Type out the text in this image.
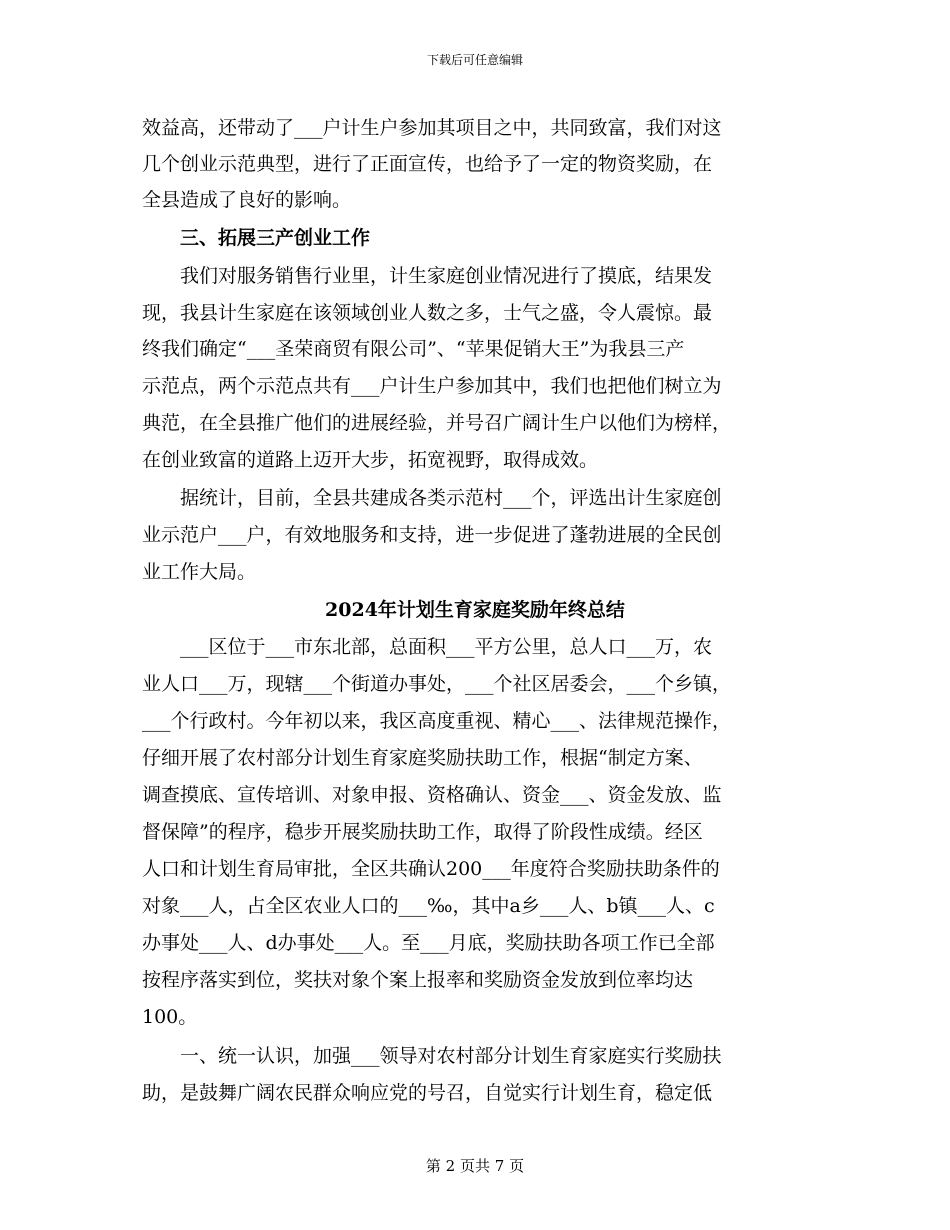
下载后可任意编辑
效益高，还带动了___户计生户参加其项目之中，共同致富，我们对这
几个创业示范典型，进行了正面宣传，也给予了一定的物资奖励，在
全县造成了良好的影响。
三、拓展三产创业工作
我们对服务销售行业里，计生家庭创业情况进行了摸底，结果发
现，我县计生家庭在该领域创业人数之多，士气之盛，令人震惊。最
终我们确定“___圣荣商贸有限公司”、“苹果促销大王”为我县三产
示范点，两个示范点共有___户计生户参加其中，我们也把他们树立为
典范，在全县推广他们的进展经验，并号召广阔计生户以他们为榜样，
在创业致富的道路上迈开大步，拓宽视野，取得成效。
据统计，目前，全县共建成各类示范村___个，评选出计生家庭创
业示范户___户，有效地服务和支持，进一步促进了蓬勃进展的全民创
业工作大局。
2024年计划生育家庭奖励年终总结
___区位于___市东北部，总面积___平方公里，总人口___万，农
业人口___万，现辖___个街道办事处，___个社区居委会，___个乡镇，
___个行政村。今年初以来，我区高度重视、精心___、法律规范操作，
仔细开展了农村部分计划生育家庭奖励扶助工作，根据“制定方案、
调查摸底、宣传培训、对象申报、资格确认、资金___、资金发放、监
督保障”的程序，稳步开展奖励扶助工作，取得了阶段性成绩。经区
人口和计划生育局审批，全区共确认200___年度符合奖励扶助条件的
对象___人，占全区农业人口的___‰，其中a乡___人、b镇___人、c
办事处___人、d办事处___人。至___月底，奖励扶助各项工作已全部
按程序落实到位，奖扶对象个案上报率和奖励资金发放到位率均达
100。
一、统一认识，加强___领导对农村部分计划生育家庭实行奖励扶
助，是鼓舞广阔农民群众响应党的号召，自觉实行计划生育，稳定低
第 2 页共 7 页
